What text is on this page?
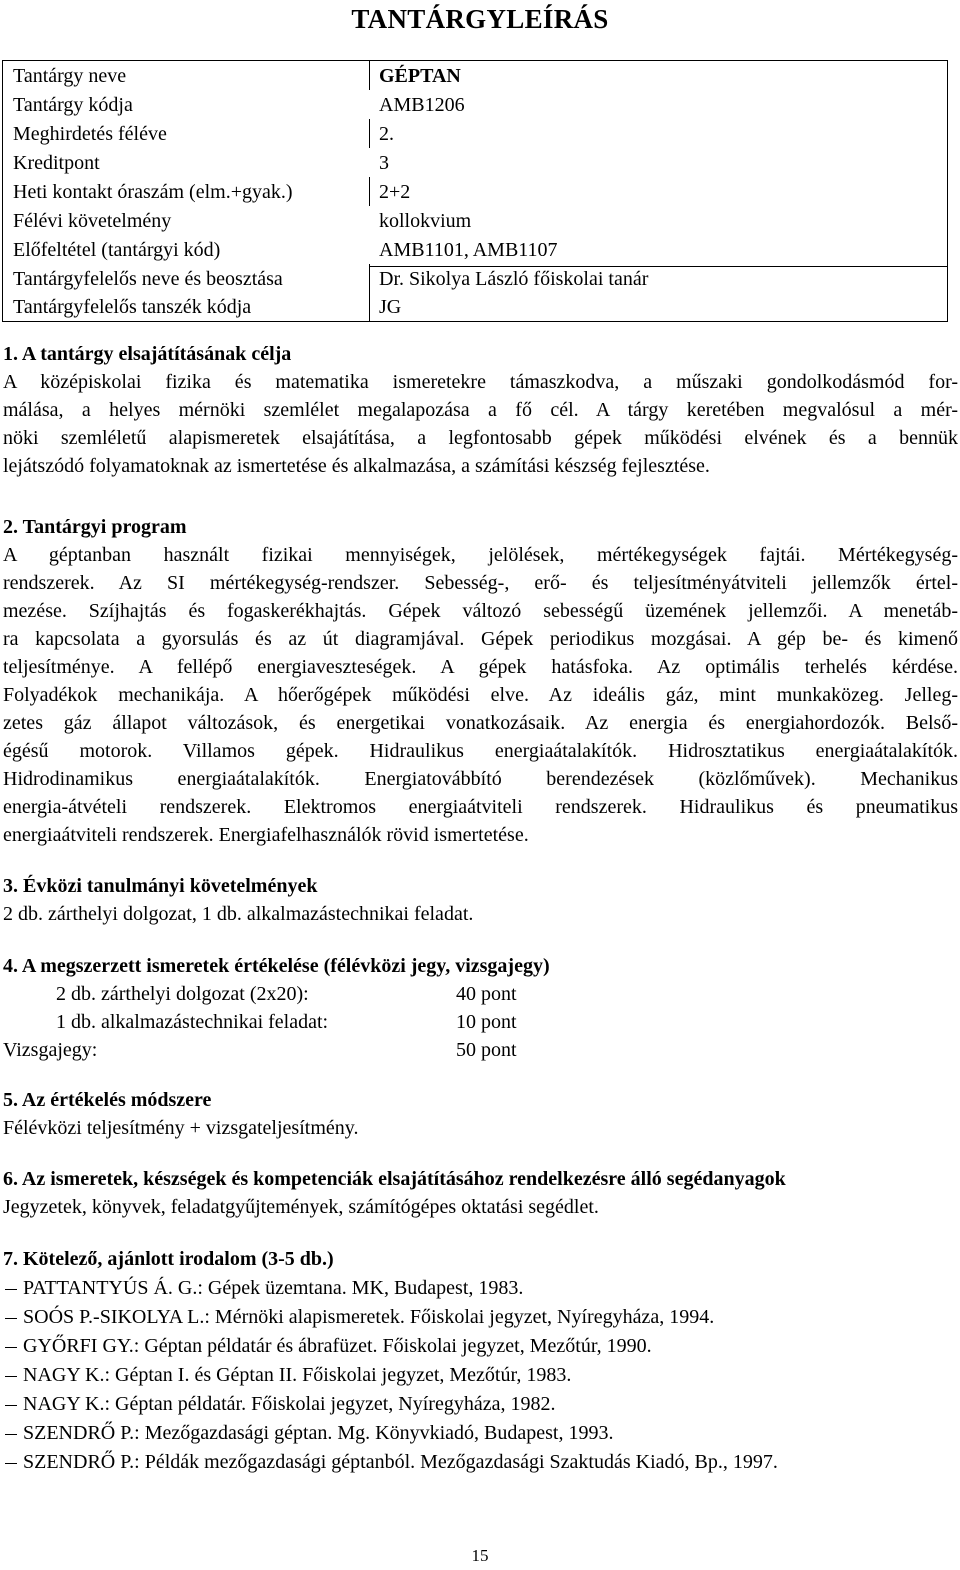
TANTÁRGYLEÍRÁS
Tantárgy neve	GÉPTAN
Tantárgy kódja	AMB1206
Meghirdetés féléve	2.
Kreditpont	3
Heti kontakt óraszám (elm.+gyak.)	2+2
Félévi követelmény	kollokvium
Előfeltétel (tantárgyi kód)	AMB1101, AMB1107
Tantárgyfelelős neve és beosztása	Dr. Sikolya László főiskolai tanár
Tantárgyfelelős tanszék kódja	JG
1. A tantárgy elsajátításának célja
A középiskolai fizika és matematika ismeretekre támaszkodva, a műszaki gondolkodásmód for-
málása, a helyes mérnöki szemlélet megalapozása a fő cél. A tárgy keretében megvalósul a mér-
nöki szemléletű alapismeretek elsajátítása, a legfontosabb gépek működési elvének és a bennük
lejátszódó folyamatoknak az ismertetése és alkalmazása, a számítási készség fejlesztése.
2. Tantárgyi program
A géptanban használt fizikai mennyiségek, jelölések, mértékegységek fajtái. Mértékegység-
rendszerek. Az SI mértékegység-rendszer. Sebesség-, erő- és teljesítményátviteli jellemzők értel-
mezése. Szíjhajtás és fogaskerékhajtás. Gépek változó sebességű üzemének jellemzői. A menetáb-
ra kapcsolata a gyorsulás és az út diagramjával. Gépek periodikus mozgásai. A gép be- és kimenő
teljesítménye. A fellépő energiaveszteségek. A gépek hatásfoka. Az optimális terhelés kérdése.
Folyadékok mechanikája. A hőerőgépek működési elve. Az ideális gáz, mint munkaközeg. Jelleg-
zetes gáz állapot változások, és energetikai vonatkozásaik. Az energia és energiahordozók. Belső-
égésű motorok. Villamos gépek. Hidraulikus energiaátalakítók. Hidrosztatikus energiaátalakítók.
Hidrodinamikus energiaátalakítók. Energiatovábbító berendezések (közlőművek). Mechanikus
energia-átvételi rendszerek. Elektromos energiaátviteli rendszerek. Hidraulikus és pneumatikus
energiaátviteli rendszerek. Energiafelhasználók rövid ismertetése.
3. Évközi tanulmányi követelmények
2 db. zárthelyi dolgozat, 1 db. alkalmazástechnikai feladat.
4. A megszerzett ismeretek értékelése (félévközi jegy, vizsgajegy)
2 db. zárthelyi dolgozat (2x20):	40 pont
1 db. alkalmazástechnikai feladat:	10 pont
Vizsgajegy:	50 pont
5. Az értékelés módszere
Félévközi teljesítmény + vizsgateljesítmény.
6. Az ismeretek, készségek és kompetenciák elsajátításához rendelkezésre álló segédanyagok
Jegyzetek, könyvek, feladatgyűjtemények, számítógépes oktatási segédlet.
7. Kötelező, ajánlott irodalom (3-5 db.)
PATTANTYÚS Á. G.: Gépek üzemtana. MK, Budapest, 1983.
SOÓS P.-SIKOLYA L.: Mérnöki alapismeretek. Főiskolai jegyzet, Nyíregyháza, 1994.
GYŐRFI GY.: Géptan példatár és ábrafüzet. Főiskolai jegyzet, Mezőtúr, 1990.
NAGY K.: Géptan I. és Géptan II. Főiskolai jegyzet, Mezőtúr, 1983.
NAGY K.: Géptan példatár. Főiskolai jegyzet, Nyíregyháza, 1982.
SZENDRŐ P.: Mezőgazdasági géptan. Mg. Könyvkiadó, Budapest, 1993.
SZENDRŐ P.: Példák mezőgazdasági géptanból. Mezőgazdasági Szaktudás Kiadó, Bp., 1997.
15
